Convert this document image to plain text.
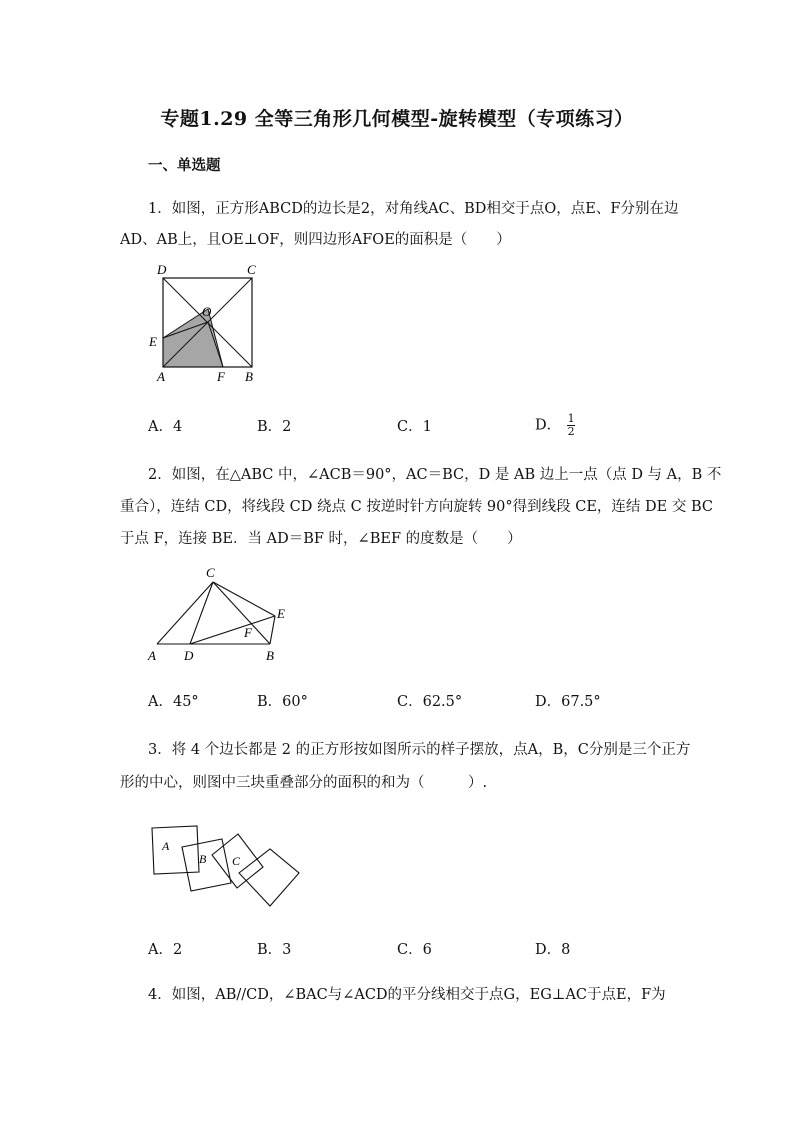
专题1.29 全等三角形几何模型-旋转模型（专项练习）
一、单选题
1．如图，正方形ABCD的边长是2，对角线AC、BD相交于点O，点E、F分别在边
AD、AB上，且OE⊥OF，则四边形AFOE的面积是（　　）
D	C
O
E
A	F B
A．4	B．2	C．1	D． $\frac{1}{2}$
2．如图，在△ABC 中，∠ACB＝90°，AC＝BC，D 是 AB 边上一点（点 D 与 A，B 不
重合），连结 CD，将线段 CD 绕点 C 按逆时针方向旋转 90°得到线段 CE，连结 DE 交 BC
于点 F，连接 BE．当 AD＝BF 时，∠BEF 的度数是（　　）
C
E
F
A D	B
A．45°	B．60°	C．62.5°	D．67.5°
3．将 4 个边长都是 2 的正方形按如图所示的样子摆放，点A，B，C分别是三个正方
形的中心，则图中三块重叠部分的面积的和为（　　　）.
A
B C
A．2	B．3	C．6	D．8
4．如图，AB//CD，∠BAC与∠ACD的平分线相交于点G，EG⊥AC于点E，F为
